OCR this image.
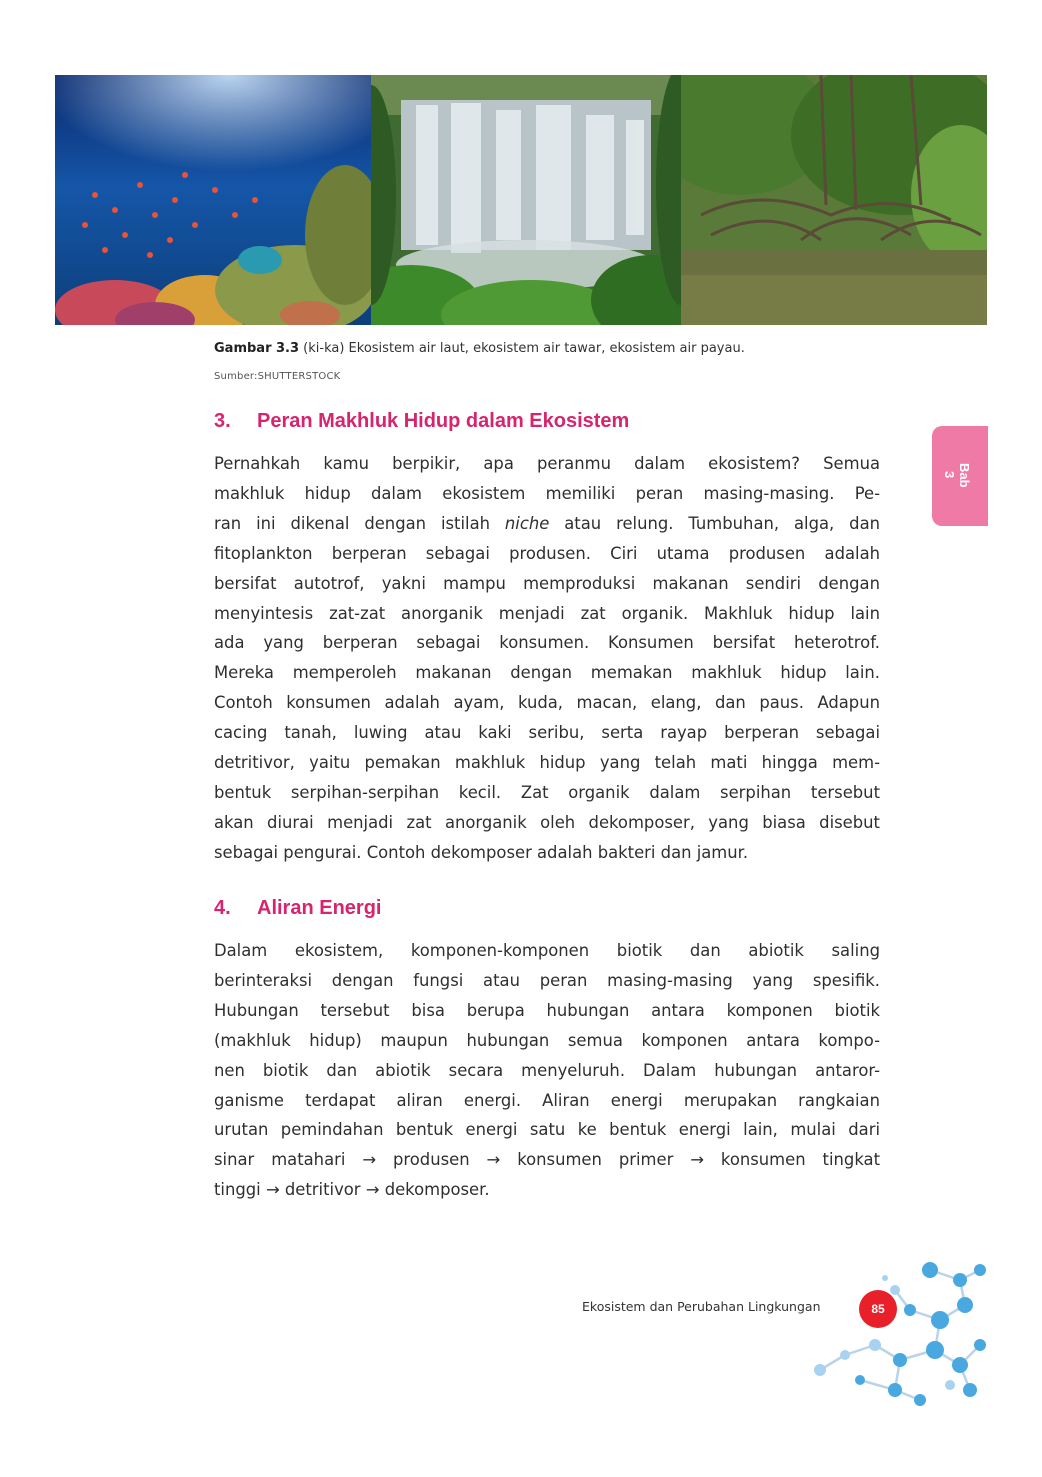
Gambar 3.3 (ki-ka) Ekosistem air laut, ekosistem air tawar, ekosistem air payau.
Sumber:SHUTTERSTOCK
3. Peran Makhluk Hidup dalam Ekosistem
Pernahkah kamu berpikir, apa peranmu dalam ekosistem? Semua
makhluk hidup dalam ekosistem memiliki peran masing-masing. Pe-
ran ini dikenal dengan istilah niche atau relung. Tumbuhan, alga, dan
fitoplankton berperan sebagai produsen. Ciri utama produsen adalah
bersifat autotrof, yakni mampu memproduksi makanan sendiri dengan
menyintesis zat-zat anorganik menjadi zat organik. Makhluk hidup lain
ada yang berperan sebagai konsumen. Konsumen bersifat heterotrof.
Mereka memperoleh makanan dengan memakan makhluk hidup lain.
Contoh konsumen adalah ayam, kuda, macan, elang, dan paus. Adapun
cacing tanah, luwing atau kaki seribu, serta rayap berperan sebagai
detritivor, yaitu pemakan makhluk hidup yang telah mati hingga mem-
bentuk serpihan-serpihan kecil. Zat organik dalam serpihan tersebut
akan diurai menjadi zat anorganik oleh dekomposer, yang biasa disebut
sebagai pengurai. Contoh dekomposer adalah bakteri dan jamur.
4. Aliran Energi
Dalam ekosistem, komponen-komponen biotik dan abiotik saling
berinteraksi dengan fungsi atau peran masing-masing yang spesifik.
Hubungan tersebut bisa berupa hubungan antara komponen biotik
(makhluk hidup) maupun hubungan semua komponen antara kompo-
nen biotik dan abiotik secara menyeluruh. Dalam hubungan antaror-
ganisme terdapat aliran energi. Aliran energi merupakan rangkaian
urutan pemindahan bentuk energi satu ke bentuk energi lain, mulai dari
sinar matahari → produsen → konsumen primer → konsumen tingkat
tinggi → detritivor → dekomposer.
Bab 3
Ekosistem dan Perubahan Lingkungan	85
